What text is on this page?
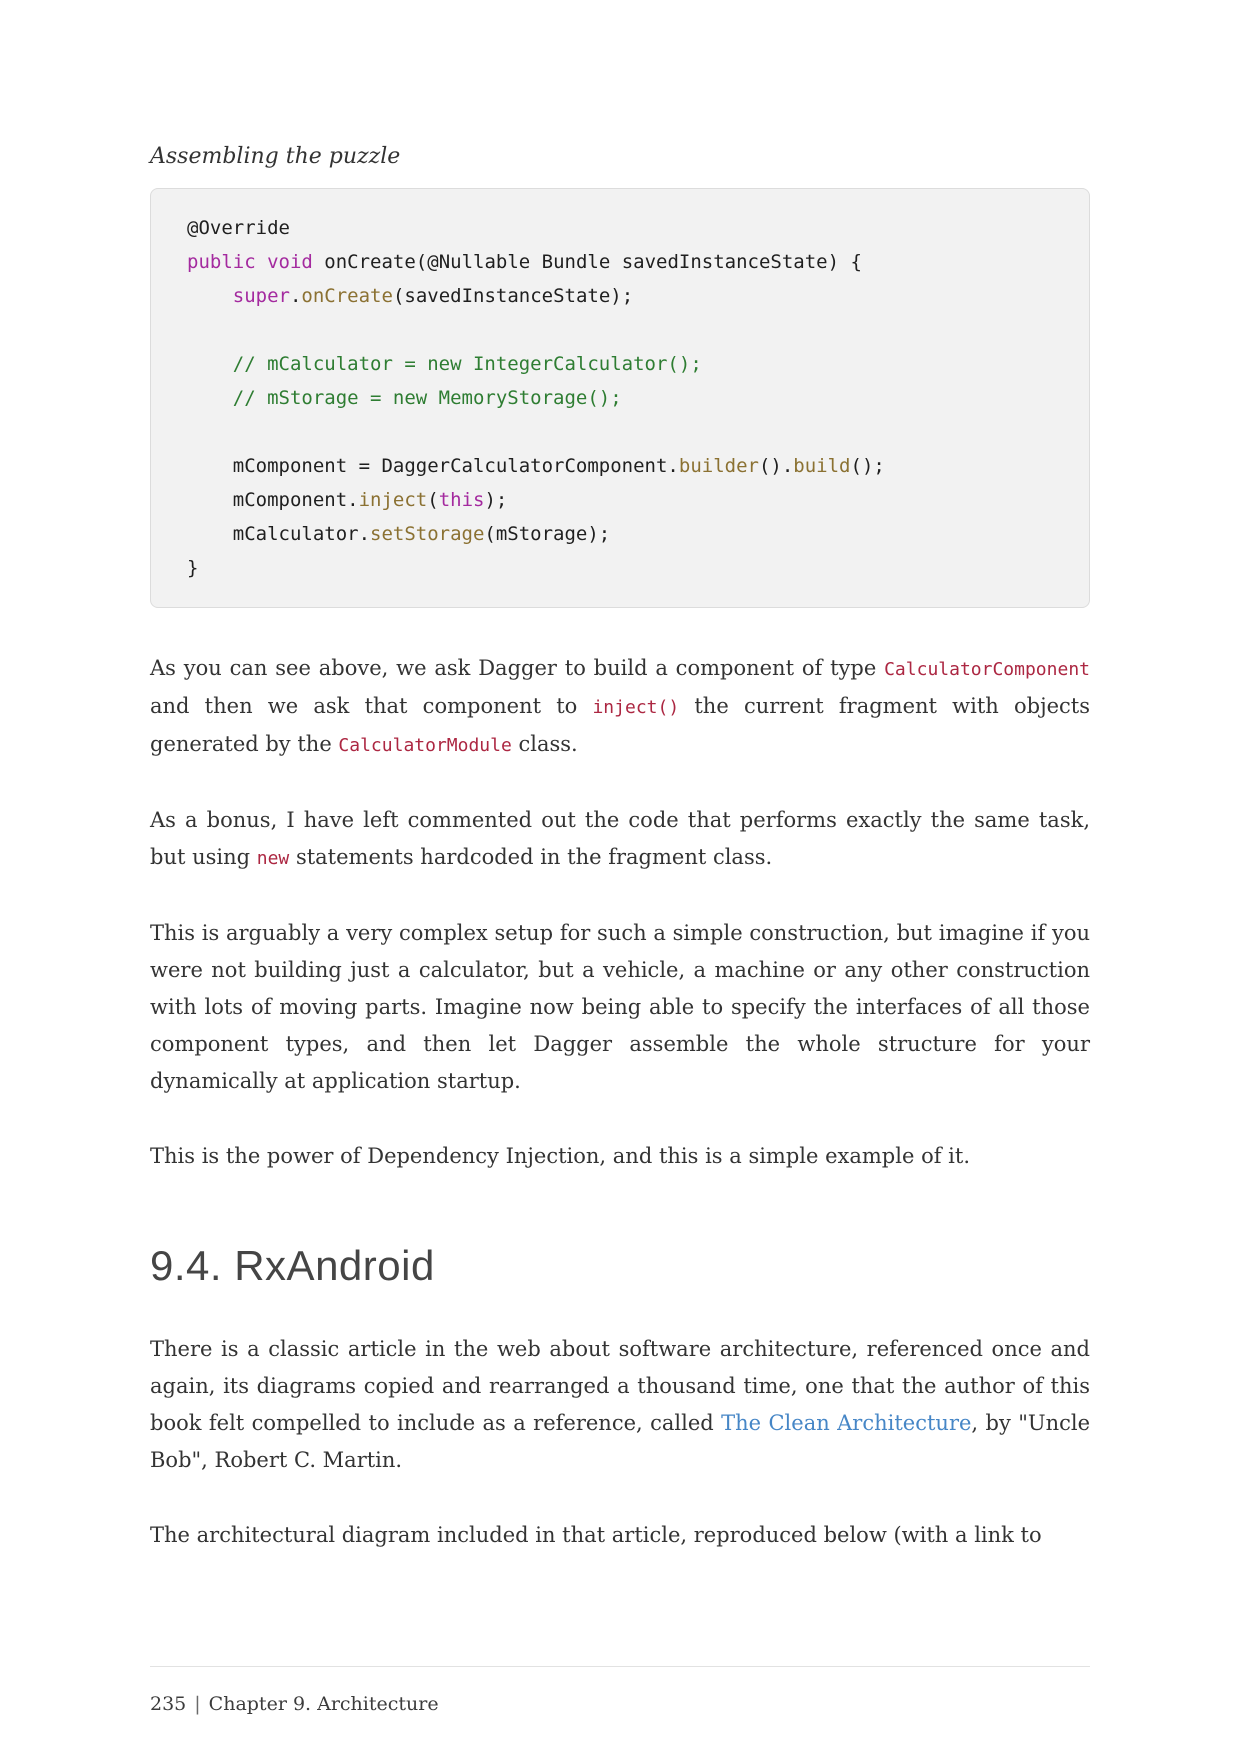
Assembling the puzzle
@Override
public void onCreate(@Nullable Bundle savedInstanceState) {
super.onCreate(savedInstanceState);
// mCalculator = new IntegerCalculator();
// mStorage = new MemoryStorage();
mComponent = DaggerCalculatorComponent.builder().build();
mComponent.inject(this);
mCalculator.setStorage(mStorage);
}

As you can see above, we ask Dagger to build a component of type CalculatorComponent and then we ask that component to inject() the current fragment with objects generated by the CalculatorModule class.

As a bonus, I have left commented out the code that performs exactly the same task, but using new statements hardcoded in the fragment class.

This is arguably a very complex setup for such a simple construction, but imagine if you were not building just a calculator, but a vehicle, a machine or any other construction with lots of moving parts. Imagine now being able to specify the interfaces of all those component types, and then let Dagger assemble the whole structure for your dynamically at application startup.

This is the power of Dependency Injection, and this is a simple example of it.

9.4. RxAndroid

There is a classic article in the web about software architecture, referenced once and again, its diagrams copied and rearranged a thousand time, one that the author of this book felt compelled to include as a reference, called The Clean Architecture, by "Uncle Bob", Robert C. Martin.

The architectural diagram included in that article, reproduced below (with a link to

235 | Chapter 9. Architecture
